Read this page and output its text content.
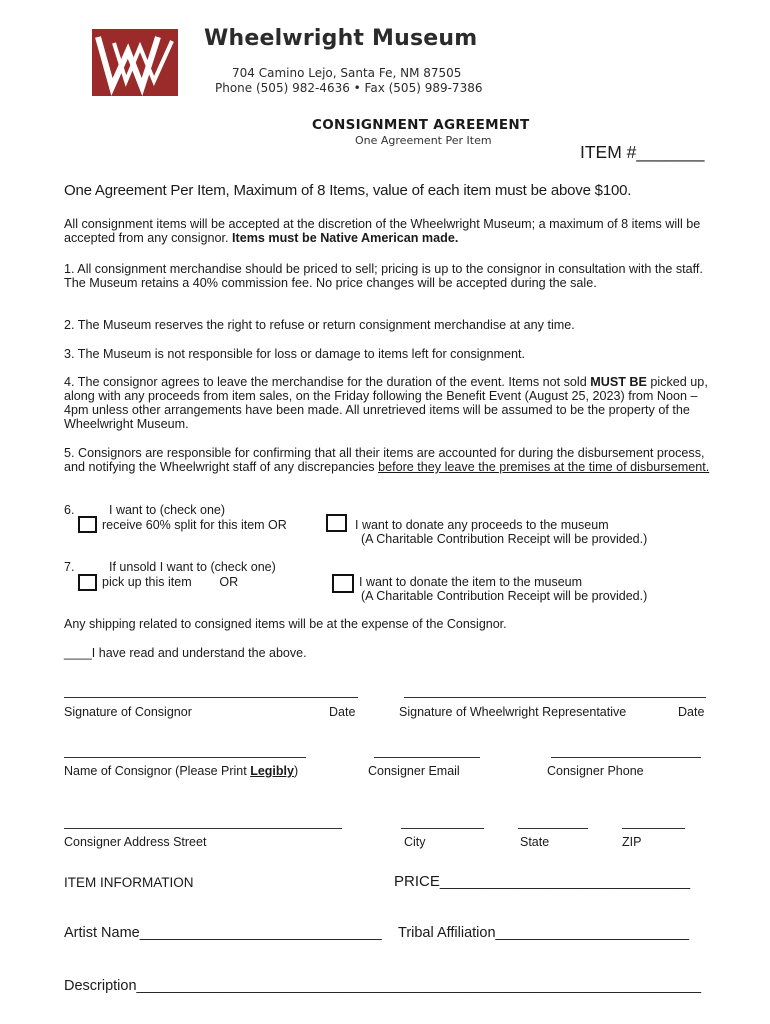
Wheelwright Museum
704 Camino Lejo, Santa Fe, NM 87505
Phone (505) 982-4636 • Fax (505) 989-7386
CONSIGNMENT AGREEMENT
One Agreement Per Item
ITEM #_______
One Agreement Per Item, Maximum of 8 Items, value of each item must be above $100.
All consignment items will be accepted at the discretion of the Wheelwright Museum; a maximum of 8 items will be accepted from any consignor. Items must be Native American made.
1. All consignment merchandise should be priced to sell; pricing is up to the consignor in consultation with the staff. The Museum retains a 40% commission fee. No price changes will be accepted during the sale.
2. The Museum reserves the right to refuse or return consignment merchandise at any time.
3. The Museum is not responsible for loss or damage to items left for consignment.
4. The consignor agrees to leave the merchandise for the duration of the event. Items not sold MUST BE picked up, along with any proceeds from item sales, on the Friday following the Benefit Event (August 25, 2023) from Noon – 4pm unless other arrangements have been made. All unretrieved items will be assumed to be the property of the Wheelwright Museum.
5. Consignors are responsible for confirming that all their items are accounted for during the disbursement process, and notifying the Wheelwright staff of any discrepancies before they leave the premises at the time of disbursement.
6.	I want to (check one)
receive 60% split for this item OR	I want to donate any proceeds to the museum
(A Charitable Contribution Receipt will be provided.)
7.	If unsold I want to (check one)
pick up this item        OR	I want to donate the item to the museum
(A Charitable Contribution Receipt will be provided.)
Any shipping related to consigned items will be at the expense of the Consignor.
____I have read and understand the above.
Signature of Consignor	Date	Signature of Wheelwright Representative	Date
Name of Consignor (Please Print Legibly)	Consigner Email	Consigner Phone
Consigner Address Street	City	State	ZIP
ITEM INFORMATION	PRICE______________________________
Artist Name______________________________ Tribal Affiliation________________________
Description______________________________________________________________________
